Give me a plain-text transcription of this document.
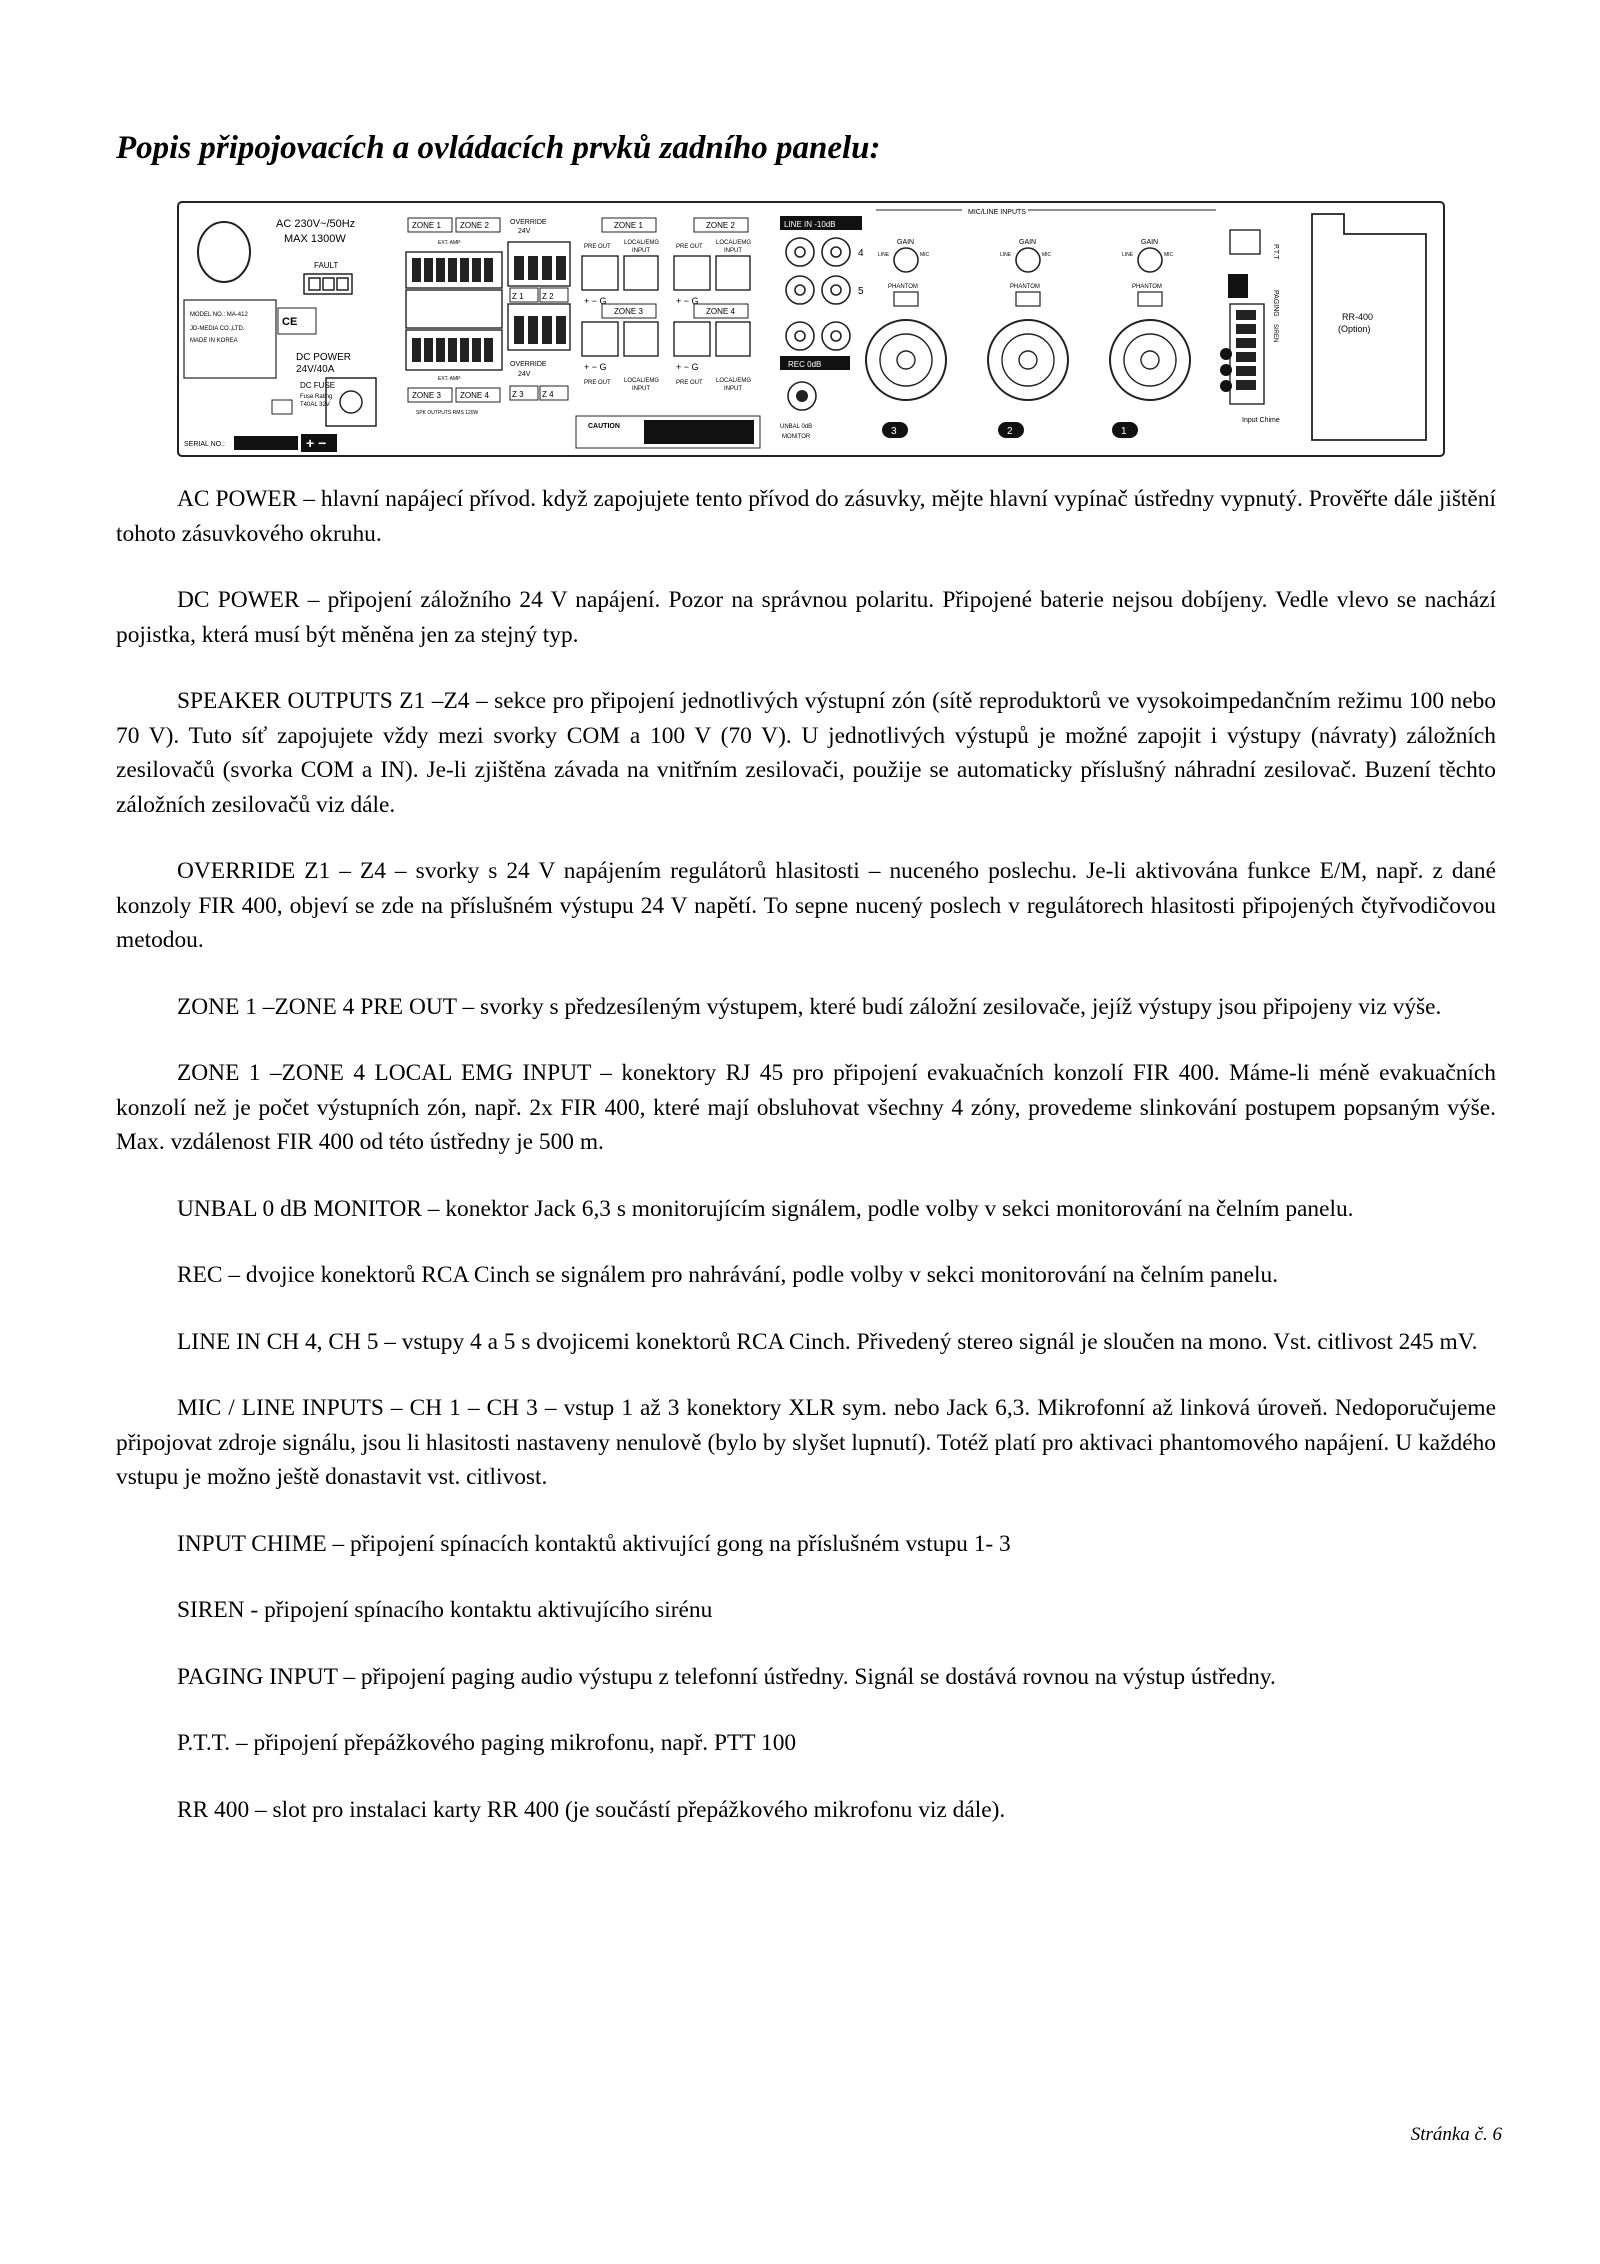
Popis připojovacích a ovládacích prvků zadního panelu:
AC 230V~/50Hz
MAX 1300W
FAULT
MODEL NO.: MA-412
JD-MEDIA CO.,LTD.
MADE IN KOREA
CE
SERIAL NO.:
DC POWER
24V/40A
DC FUSE
Fuse Rating
T40AL 32V
+ −
ZONE 1 ZONE 2
EXT. AMP
EXT. AMP
ZONE 3 ZONE 4
SPK OUTPUTS RMS 120W
OVERRIDE
24V
Z 1 Z 2
OVERRIDE
24V
Z 3 Z 4
ZONE 1	ZONE 2
PRE OUT
LOCAL/EMG
INPUT
PRE OUT
LOCAL/EMG
INPUT
+ − G	+ − G
ZONE 3	ZONE 4
+ − G	+ − G
PRE OUT LOCAL/EMG
INPUT
PRE OUT LOCAL/EMG
INPUT
CAUTION
LINE IN -10dB
4
5
REC 0dB
UNBAL 0dB
MONITOR
MIC/LINE INPUTS
GAIN
LINE	MIC
PHANTOM
3
GAIN
LINE	MIC
PHANTOM
2
GAIN
LINE	MIC
PHANTOM
1
P.T.T
PAGING
SIREN
Input Chime
RR-400
(Option)

AC POWER – hlavní napájecí přívod. když zapojujete tento přívod do zásuvky, mějte hlavní vypínač ústředny vypnutý. Prověřte dále jištění tohoto zásuvkového okruhu.

DC POWER – připojení záložního 24 V napájení. Pozor na správnou polaritu. Připojené baterie nejsou dobíjeny. Vedle vlevo se nachází pojistka, která musí být měněna jen za stejný typ.

SPEAKER OUTPUTS Z1 –Z4 – sekce pro připojení jednotlivých výstupní zón (sítě reproduktorů ve vysokoimpedančním režimu 100 nebo 70 V). Tuto síť zapojujete vždy mezi svorky COM a 100 V (70 V). U jednotlivých výstupů je možné zapojit i výstupy (návraty) záložních zesilovačů (svorka COM a IN). Je-li zjištěna závada na vnitřním zesilovači, použije se automaticky příslušný náhradní zesilovač. Buzení těchto záložních zesilovačů viz dále.

OVERRIDE Z1 – Z4 – svorky s 24 V napájením regulátorů hlasitosti – nuceného poslechu. Je-li aktivována funkce E/M, např. z dané konzoly FIR 400, objeví se zde na příslušném výstupu 24 V napětí. To sepne nucený poslech v regulátorech hlasitosti připojených čtyřvodičovou metodou.

ZONE 1 –ZONE 4 PRE OUT – svorky s předzesíleným výstupem, které budí záložní zesilovače, jejíž výstupy jsou připojeny viz výše.

ZONE 1 –ZONE 4 LOCAL EMG INPUT – konektory RJ 45 pro připojení evakuačních konzolí FIR 400. Máme-li méně evakuačních konzolí než je počet výstupních zón, např. 2x FIR 400, které mají obsluhovat všechny 4 zóny, provedeme slinkování postupem popsaným výše. Max. vzdálenost FIR 400 od této ústředny je 500 m.

UNBAL 0 dB MONITOR – konektor Jack 6,3 s monitorujícím signálem, podle volby v sekci monitorování na čelním panelu.

REC – dvojice konektorů RCA Cinch se signálem pro nahrávání, podle volby v sekci monitorování na čelním panelu.

LINE IN CH 4, CH 5 – vstupy 4 a 5 s dvojicemi konektorů RCA Cinch. Přivedený stereo signál je sloučen na mono. Vst. citlivost 245 mV.

MIC / LINE INPUTS – CH 1 – CH 3 – vstup 1 až 3 konektory XLR sym. nebo Jack 6,3. Mikrofonní až linková úroveň. Nedoporučujeme připojovat zdroje signálu, jsou li hlasitosti nastaveny nenulově (bylo by slyšet lupnutí). Totéž platí pro aktivaci phantomového napájení. U každého vstupu je možno ještě donastavit vst. citlivost.

INPUT CHIME – připojení spínacích kontaktů aktivující gong na příslušném vstupu 1- 3

SIREN - připojení spínacího kontaktu aktivujícího sirénu

PAGING INPUT – připojení paging audio výstupu z telefonní ústředny. Signál se dostává rovnou na výstup ústředny.

P.T.T. – připojení přepážkového paging mikrofonu, např. PTT 100

RR 400 – slot pro instalaci karty RR 400 (je součástí přepážkového mikrofonu viz dále).

Stránka č. 6
